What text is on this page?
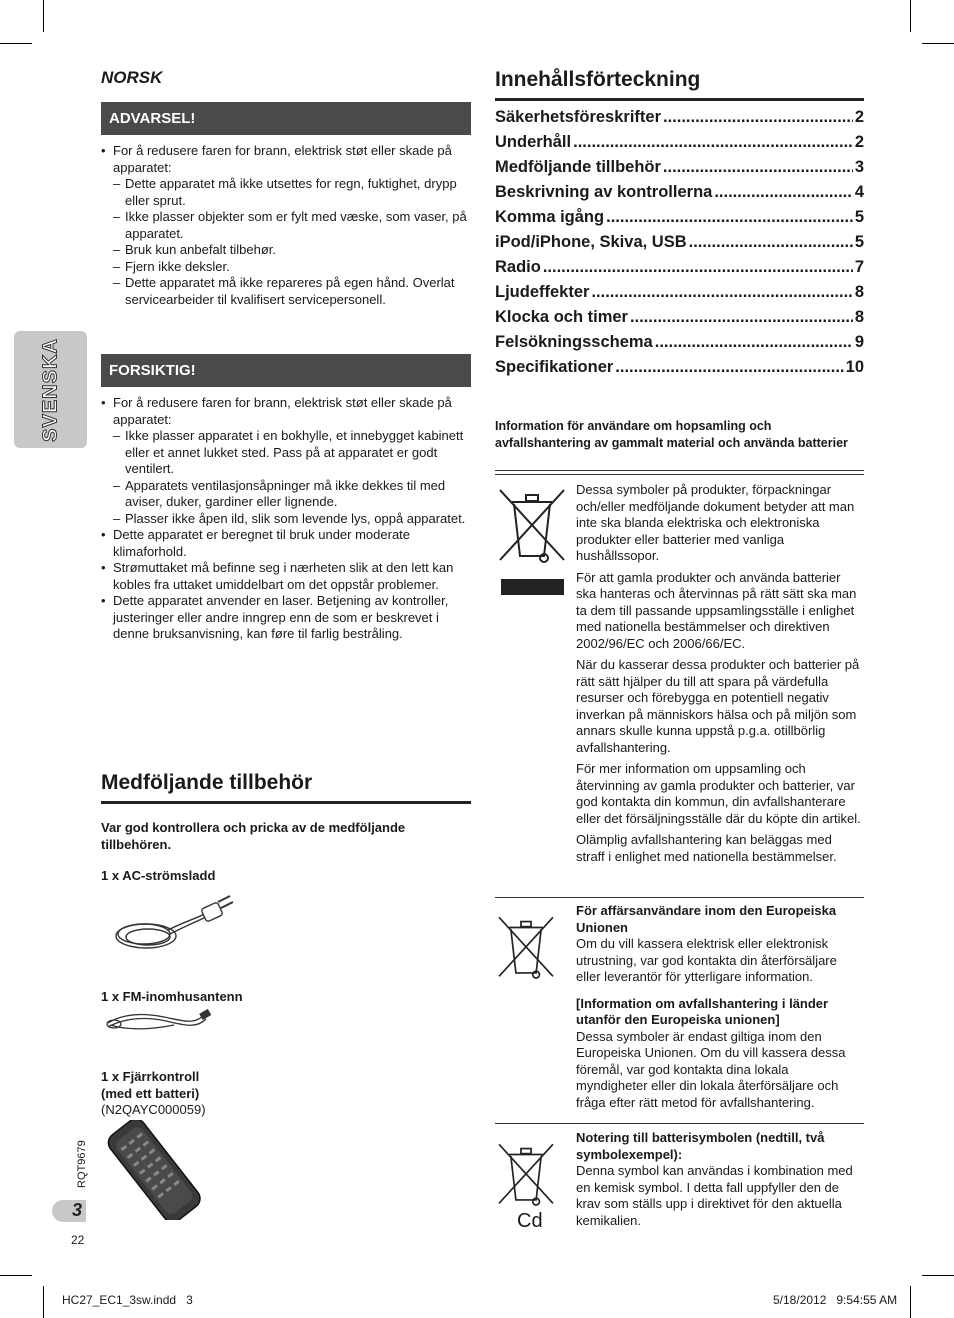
SVENSKA
NORSK
ADVARSEL!
• For å redusere faren for brann, elektrisk støt eller skade på apparatet:
– Dette apparatet må ikke utsettes for regn, fuktighet, drypp eller sprut.
– Ikke plasser objekter som er fylt med væske, som vaser, på apparatet.
– Bruk kun anbefalt tilbehør.
– Fjern ikke deksler.
– Dette apparatet må ikke repareres på egen hånd. Overlat servicearbeider til kvalifisert servicepersonell.
FORSIKTIG!
• For å redusere faren for brann, elektrisk støt eller skade på apparatet:
– Ikke plasser apparatet i en bokhylle, et innebygget kabinett eller et annet lukket sted. Pass på at apparatet er godt ventilert.
– Apparatets ventilasjonsåpninger må ikke dekkes til med aviser, duker, gardiner eller lignende.
– Plasser ikke åpen ild, slik som levende lys, oppå apparatet.
• Dette apparatet er beregnet til bruk under moderate klimaforhold.
• Strømuttaket må befinne seg i nærheten slik at den lett kan kobles fra uttaket umiddelbart om det oppstår problemer.
• Dette apparatet anvender en laser. Betjening av kontroller, justeringer eller andre inngrep enn de som er beskrevet i denne bruksanvisning, kan føre til farlig bestråling.
Medföljande tillbehör
Var god kontrollera och pricka av de medföljande tillbehören.
1 x AC-strömsladd
1 x FM-inomhusantenn
1 x Fjärrkontroll
(med ett batteri)
(N2QAYC000059)
RQT9679
3
22
Innehållsförteckning
Säkerhetsföreskrifter .....	2
Underhåll .....	2
Medföljande tillbehör .....	3
Beskrivning av kontrollerna .....	4
Komma igång .....	5
iPod/iPhone, Skiva, USB .....	5
Radio .....	7
Ljudeffekter .....	8
Klocka och timer .....	8
Felsökningsschema .....	9
Specifikationer .....	10
Information för användare om hopsamling och avfallshantering av gammalt material och använda batterier

Dessa symboler på produkter, förpackningar och/eller medföljande dokument betyder att man inte ska blanda elektriska och elektroniska produkter eller batterier med vanliga hushållssopor.

För att gamla produkter och använda batterier ska hanteras och återvinnas på rätt sätt ska man ta dem till passande uppsamlingsställe i enlighet med nationella bestämmelser och direktiven 2002/96/EC och 2006/66/EC.

När du kasserar dessa produkter och batterier på rätt sätt hjälper du till att spara på värdefulla resurser och förebygga en potentiell negativ inverkan på människors hälsa och på miljön som annars skulle kunna uppstå p.g.a. otillbörlig avfallshantering.

För mer information om uppsamling och återvinning av gamla produkter och batterier, var god kontakta din kommun, din avfallshanterare eller det försäljningsställe där du köpte din artikel.

Olämplig avfallshantering kan beläggas med straff i enlighet med nationella bestämmelser.

För affärsanvändare inom den Europeiska Unionen

Om du vill kassera elektrisk eller elektronisk utrustning, var god kontakta din återförsäljare eller leverantör för ytterligare information.

[Information om avfallshantering i länder utanför den Europeiska unionen]

Dessa symboler är endast giltiga inom den Europeiska Unionen. Om du vill kassera dessa föremål, var god kontakta dina lokala myndigheter eller din lokala återförsäljare och fråga efter rätt metod för avfallshantering.

Cd
Notering till batterisymbolen (nedtill, två symbolexempel):

Denna symbol kan användas i kombination med en kemisk symbol. I detta fall uppfyller den de krav som ställs upp i direktivet för den aktuella kemikalien.

HC27_EC1_3sw.indd   3	5/18/2012   9:54:55 AM
